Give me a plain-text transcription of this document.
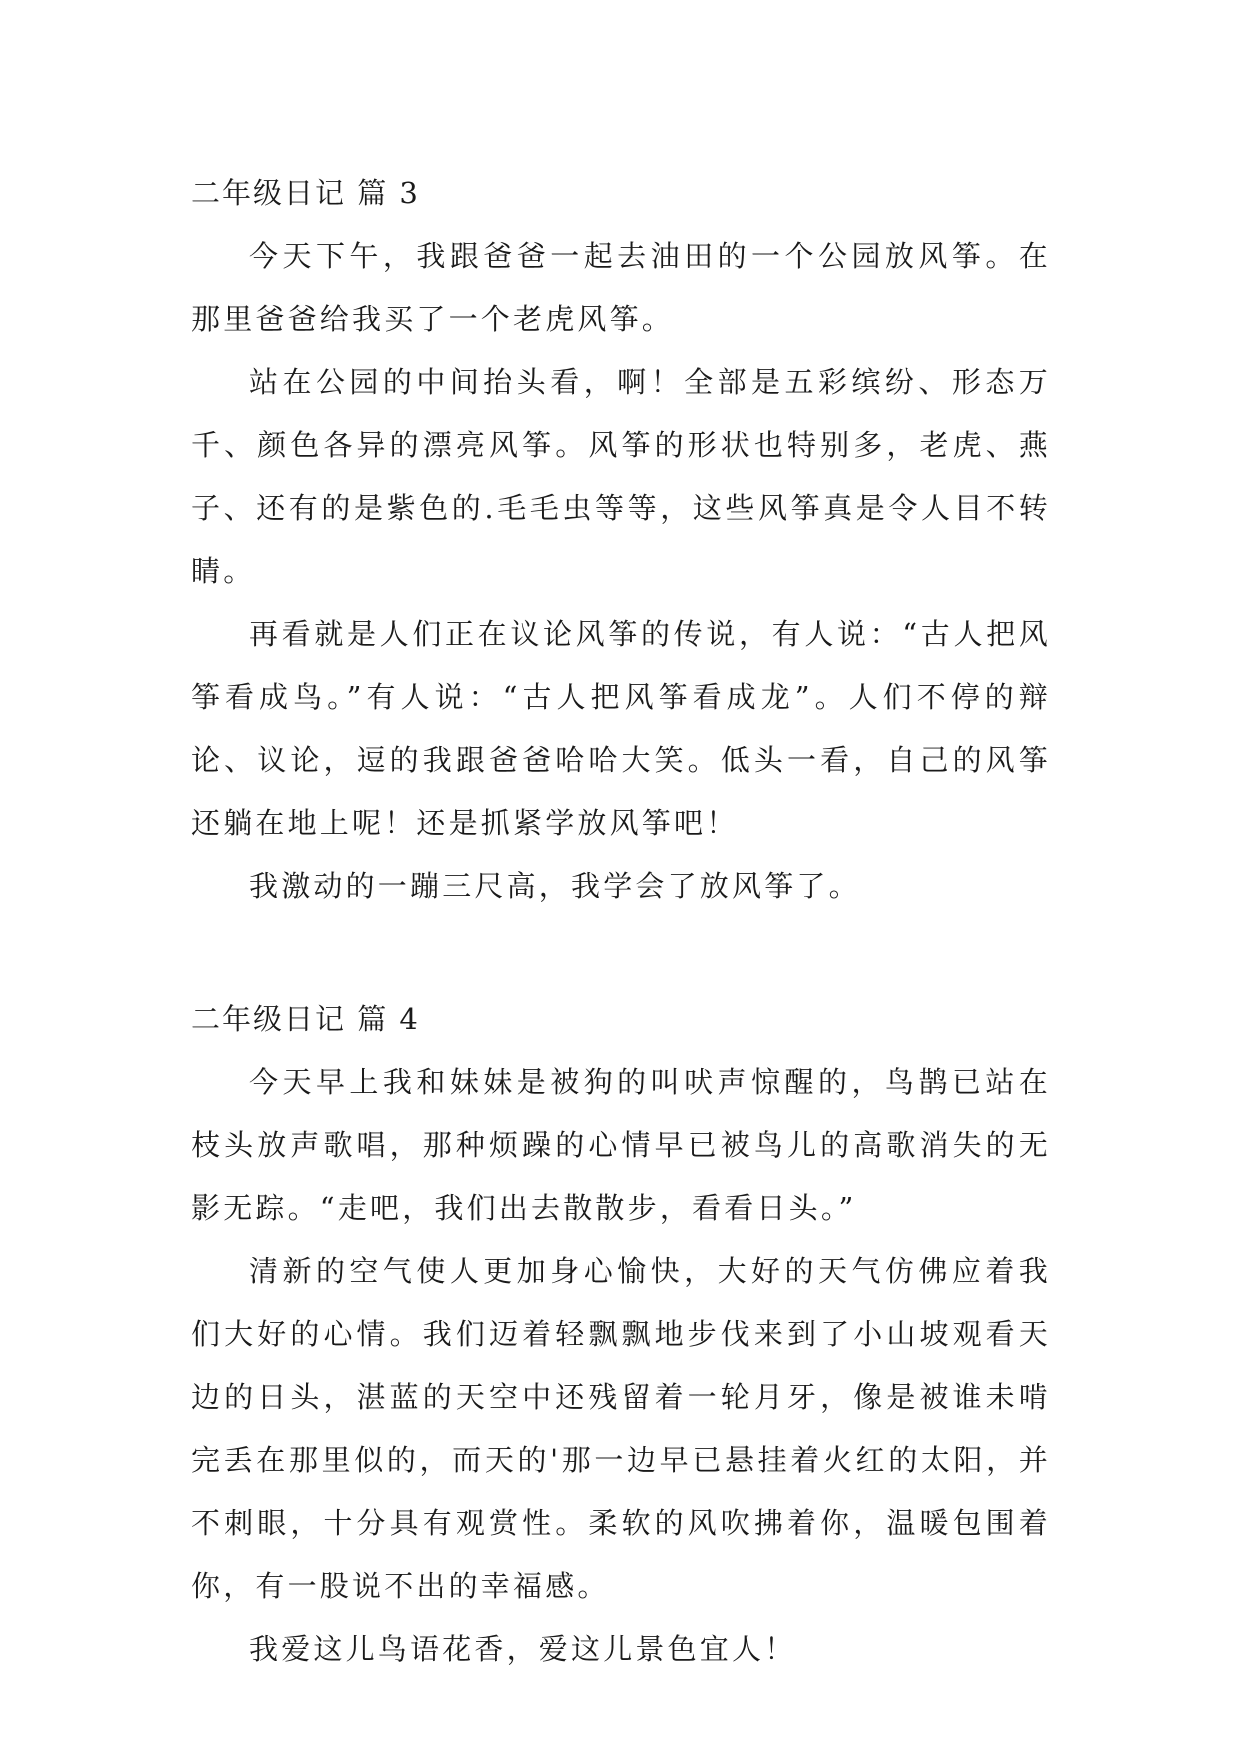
二年级日记 篇 3

今天下午，我跟爸爸一起去油田的一个公园放风筝。在那里爸爸给我买了一个老虎风筝。

站在公园的中间抬头看，啊！全部是五彩缤纷、形态万千、颜色各异的漂亮风筝。风筝的形状也特别多，老虎、燕子、还有的是紫色的.毛毛虫等等，这些风筝真是令人目不转睛。

再看就是人们正在议论风筝的传说，有人说：“古人把风筝看成鸟。”有人说：“古人把风筝看成龙”。人们不停的辩论、议论，逗的我跟爸爸哈哈大笑。低头一看，自己的风筝还躺在地上呢！还是抓紧学放风筝吧！

我激动的一蹦三尺高，我学会了放风筝了。

二年级日记 篇 4

今天早上我和妹妹是被狗的叫吠声惊醒的，鸟鹊已站在枝头放声歌唱，那种烦躁的心情早已被鸟儿的高歌消失的无影无踪。“走吧，我们出去散散步，看看日头。”

清新的空气使人更加身心愉快，大好的天气仿佛应着我们大好的心情。我们迈着轻飘飘地步伐来到了小山坡观看天边的日头，湛蓝的天空中还残留着一轮月牙，像是被谁未啃完丢在那里似的，而天的'那一边早已悬挂着火红的太阳，并不刺眼，十分具有观赏性。柔软的风吹拂着你，温暖包围着你，有一股说不出的幸福感。

我爱这儿鸟语花香，爱这儿景色宜人！
